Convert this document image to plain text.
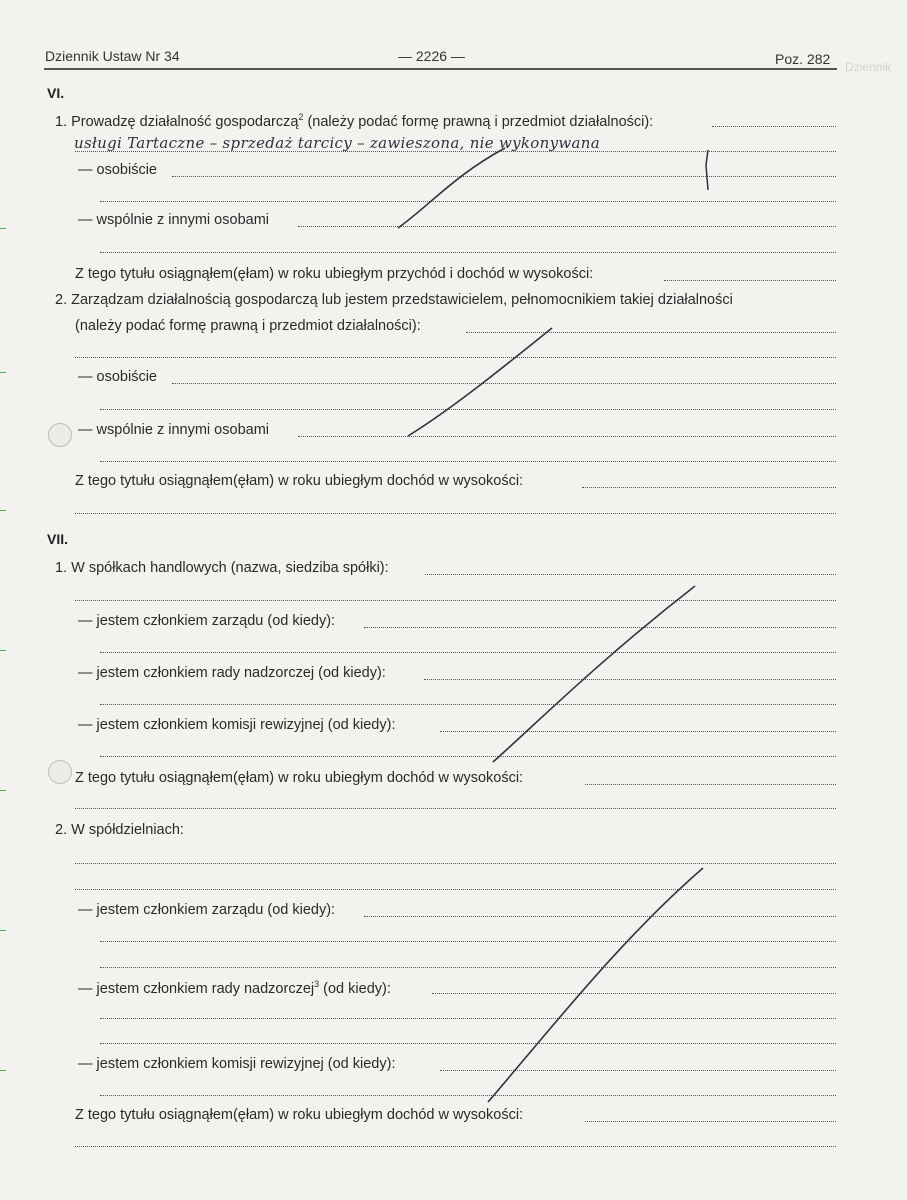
Dziennik
Dziennik Ustaw Nr 34	— 2226 —	Poz. 282
VI.
1. Prowadzę działalność gospodarczą$^2$ (należy podać formę prawną i przedmiot działalności):
usługi Tartaczne – sprzedaż tarcicy – zawieszona, nie wykonywana
— osobiście
— wspólnie z innymi osobami
Z tego tytułu osiągnąłem(ęłam) w roku ubiegłym przychód i dochód w wysokości:
2. Zarządzam działalnością gospodarczą lub jestem przedstawicielem, pełnomocnikiem takiej działalności
(należy podać formę prawną i przedmiot działalności):
— osobiście
— wspólnie z innymi osobami
Z tego tytułu osiągnąłem(ęłam) w roku ubiegłym dochód w wysokości:
VII.
1. W spółkach handlowych (nazwa, siedziba spółki):
— jestem członkiem zarządu (od kiedy):
— jestem członkiem rady nadzorczej (od kiedy):
— jestem członkiem komisji rewizyjnej (od kiedy):
Z tego tytułu osiągnąłem(ęłam) w roku ubiegłym dochód w wysokości:
2. W spółdzielniach:
— jestem członkiem zarządu (od kiedy):
— jestem członkiem rady nadzorczej$^3$ (od kiedy):
— jestem członkiem komisji rewizyjnej (od kiedy):
Z tego tytułu osiągnąłem(ęłam) w roku ubiegłym dochód w wysokości:
